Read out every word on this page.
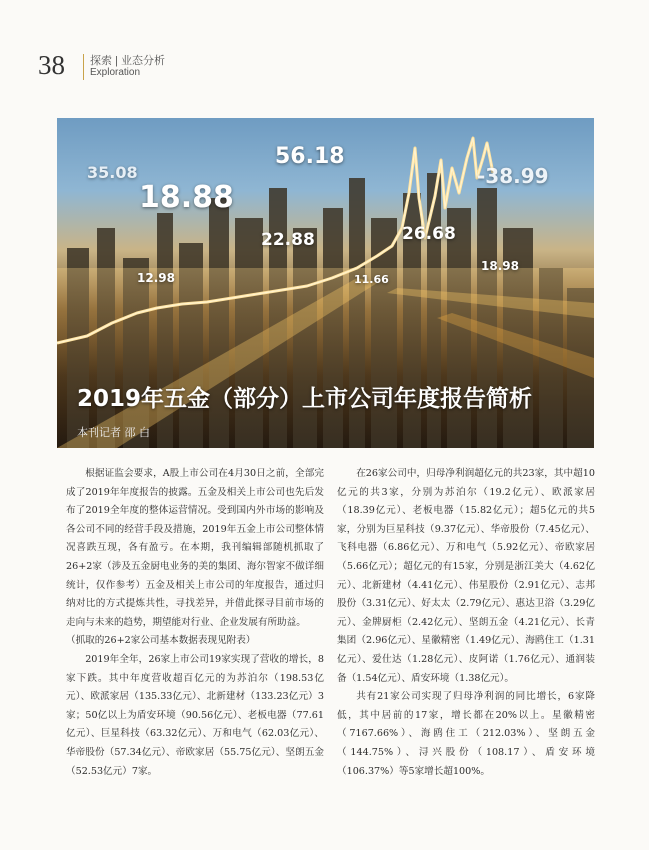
38 探索 | 业态分析
Exploration
35.08
18.88
56.18
-38.99
22.88	26.68
12.98	11.66
18.98
2019年五金（部分）上市公司年度报告简析
本刊记者 邵 白

根据证监会要求，A股上市公司在4月30日之前，全部完成了2019年年度报告的披露。五金及相关上市公司也先后发布了2019全年度的整体运营情况。受到国内外市场的影响及各公司不同的经营手段及措施，2019年五金上市公司整体情况喜跌互现，各有盈亏。在本期，我刊编辑部随机抓取了26+2家（涉及五金厨电业务的美的集团、海尔智家不做详细统计，仅作参考）五金及相关上市公司的年度报告，通过归纳对比的方式提炼共性，寻找差异，并借此探寻目前市场的走向与未来的趋势，期望能对行业、企业发展有所助益。

（抓取的26+2家公司基本数据表现见附表）

2019年全年，26家上市公司19家实现了营收的增长，8家下跌。其中年度营收超百亿元的为苏泊尔（198.53亿元）、欧派家居（135.33亿元）、北新建材（133.23亿元）3家；50亿以上为盾安环境（90.56亿元）、老板电器（77.61亿元）、巨星科技（63.32亿元）、万和电气（62.03亿元）、华帝股份（57.34亿元）、帝欧家居（55.75亿元）、坚朗五金（52.53亿元）7家。

在26家公司中，归母净利润超亿元的共23家，其中超10亿元的共3家，分别为苏泊尔（19.2亿元）、欧派家居（18.39亿元）、老板电器（15.82亿元）；超5亿元的共5家，分别为巨星科技（9.37亿元）、华帝股份（7.45亿元）、飞科电器（6.86亿元）、万和电气（5.92亿元）、帝欧家居（5.66亿元）；超亿元的有15家，分别是浙江美大（4.62亿元）、北新建材（4.41亿元）、伟星股份（2.91亿元）、志邦股份（3.31亿元）、好太太（2.79亿元）、惠达卫浴（3.29亿元）、金牌厨柜（2.42亿元）、坚朗五金（4.21亿元）、长青集团（2.96亿元）、星徽精密（1.49亿元）、海鸥住工（1.31亿元）、爱仕达（1.28亿元）、皮阿诺（1.76亿元）、通润装备（1.54亿元）、盾安环境（1.38亿元）。

共有21家公司实现了归母净利润的同比增长，6家降低，其中居前的17家，增长都在20%以上。星徽精密（7167.66%）、海鸥住工（212.03%）、坚朗五金（144.75%）、浔兴股份（108.17）、盾安环境（106.37%）等5家增长超100%。
